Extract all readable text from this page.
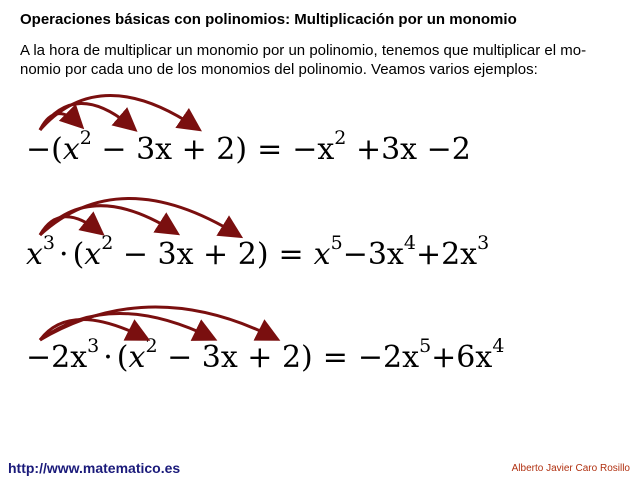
Operaciones básicas con polinomios: Multiplicación por un monomio
A la hora de multiplicar un monomio por un polinomio, tenemos que multiplicar el mo-
nomio por cada uno de los monomios del polinomio. Veamos varios ejemplos:
$-(x^2 - 3x + 2) = -x^2 +3x -2$
$x^3 \cdot (x^2 - 3x + 2) = x^5-3x^4+2x^3$
$-2x^3 \cdot (x^2 - 3x + 2) = -2x^5+6x^4$
http://www.matematico.es	Alberto Javier Caro Rosillo
